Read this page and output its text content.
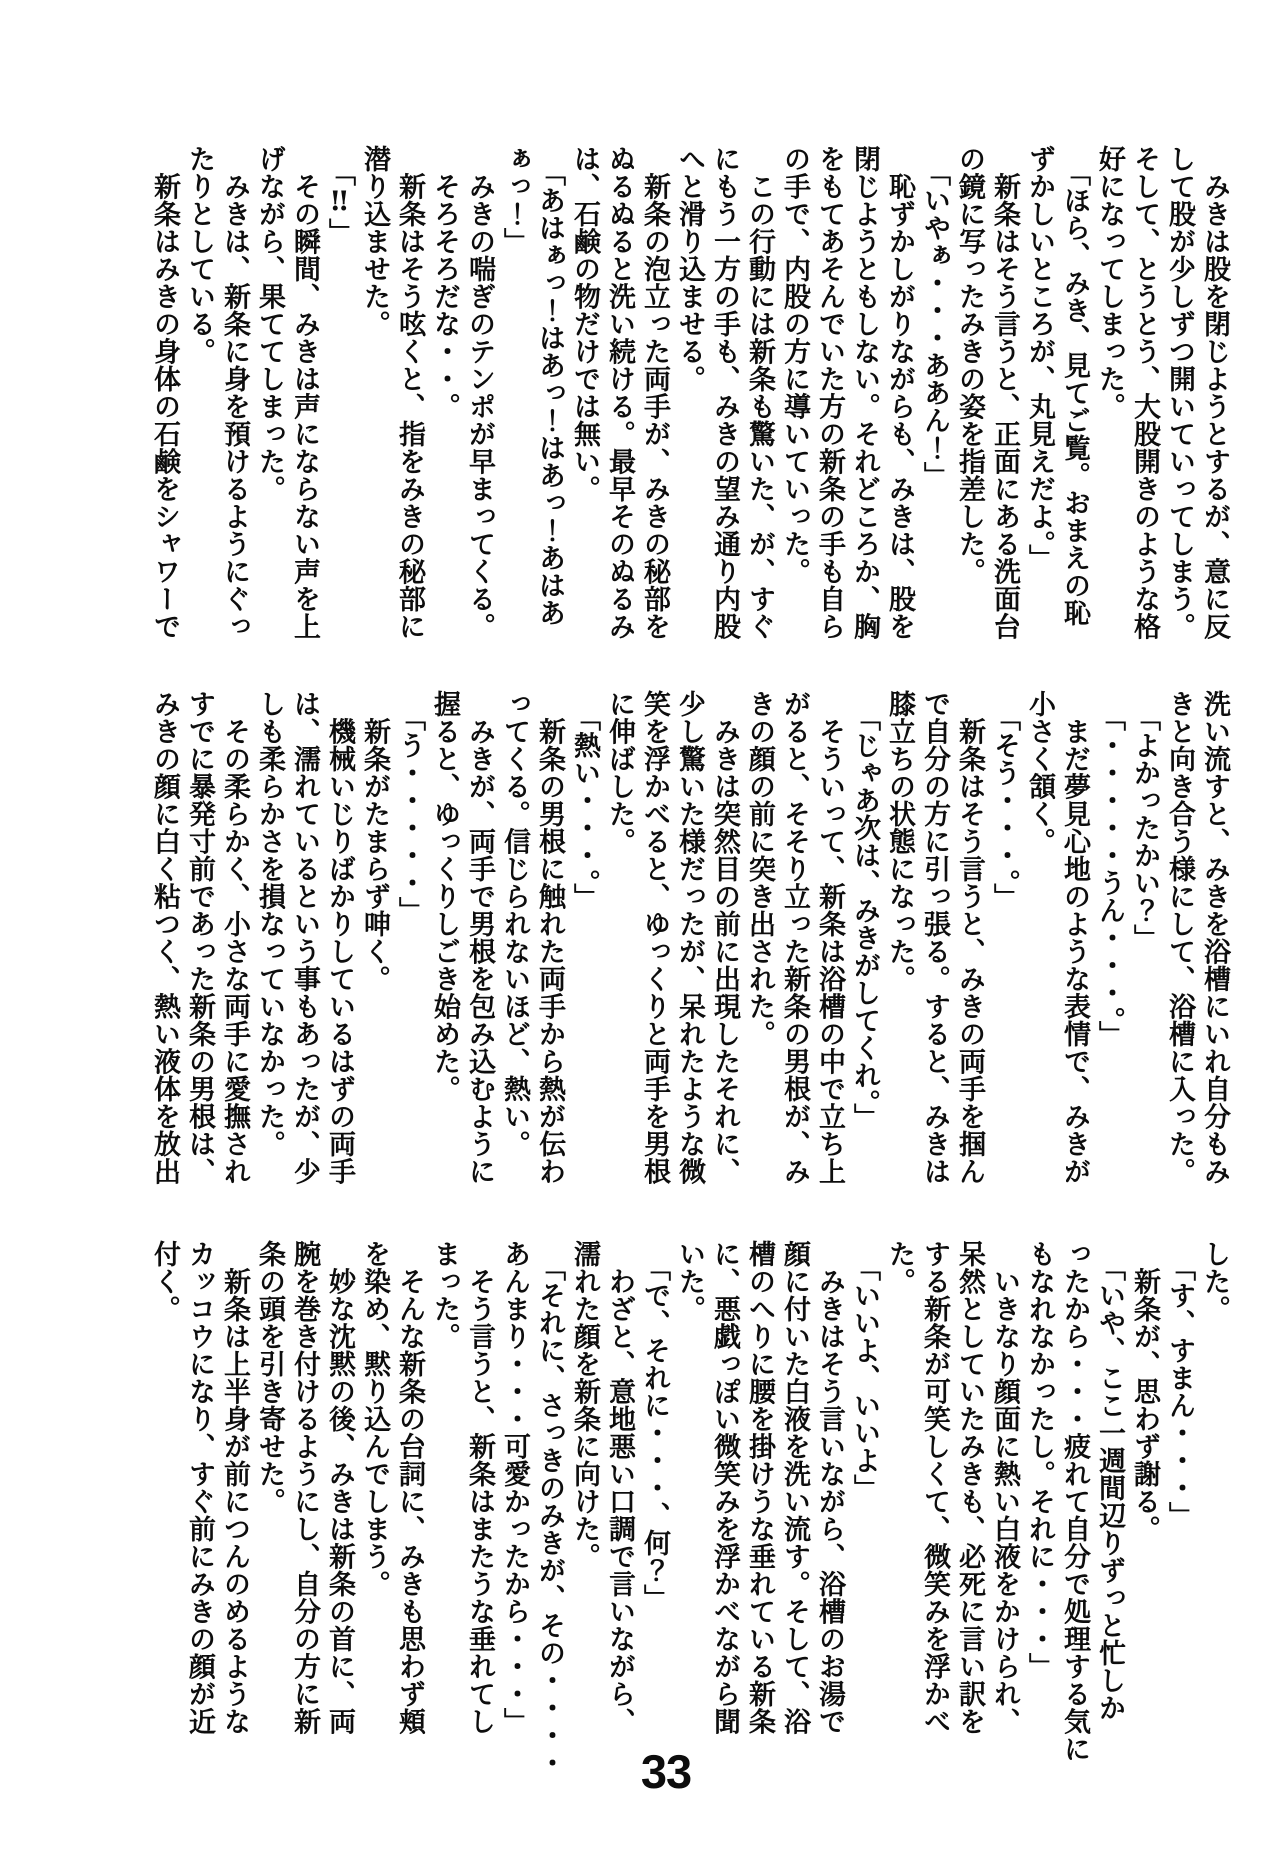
　みきは股を閉じようとするが、意に反
して股が少しずつ開いていってしまう。
そして、とうとう、大股開きのような格
好になってしまった。
　「ほら、みき、見てご覧。おまえの恥
ずかしいところが、丸見えだよ。」
　新条はそう言うと、正面にある洗面台
の鏡に写ったみきの姿を指差した。
　「いやぁ・・・ああん！」
　恥ずかしがりながらも、みきは、股を
閉じようともしない。それどころか、胸
をもてあそんでいた方の新条の手も自ら
の手で、内股の方に導いていった。
　この行動には新条も驚いた、が、すぐ
にもう一方の手も、みきの望み通り内股
へと滑り込ませる。
　新条の泡立った両手が、みきの秘部を
ぬるぬると洗い続ける。最早そのぬるみ
は、石鹸の物だけでは無い。
　「あはぁっ！はあっ！はあっ！あはあ
ぁっ！」
　みきの喘ぎのテンポが早まってくる。
　そろそろだな・・。
　新条はそう呟くと、指をみきの秘部に
潜り込ませた。
　「‼」
　その瞬間、みきは声にならない声を上
げながら、果ててしまった。
　みきは、新条に身を預けるようにぐっ
たりとしている。
　新条はみきの身体の石鹸をシャワーで
洗い流すと、みきを浴槽にいれ自分もみ
きと向き合う様にして、浴槽に入った。
　「よかったかい？」
　「・・・・・うん・・・。」
　まだ夢見心地のような表情で、みきが
小さく頷く。
　「そう・・・。」
　新条はそう言うと、みきの両手を掴ん
で自分の方に引っ張る。すると、みきは
膝立ちの状態になった。
　「じゃあ次は、みきがしてくれ。」
　そういって、新条は浴槽の中で立ち上
がると、そそり立った新条の男根が、み
きの顔の前に突き出された。
　みきは突然目の前に出現したそれに、
少し驚いた様だったが、呆れたような微
笑を浮かべると、ゆっくりと両手を男根
に伸ばした。
　「熱い・・・。」
　新条の男根に触れた両手から熱が伝わ
ってくる。信じられないほど、熱い。
　みきが、両手で男根を包み込むように
握ると、ゆっくりしごき始めた。
　「う・・・・・」
　新条がたまらず呻く。
　機械いじりばかりしているはずの両手
は、濡れているという事もあったが、少
しも柔らかさを損なっていなかった。
　その柔らかく、小さな両手に愛撫され
すでに暴発寸前であった新条の男根は、
みきの顔に白く粘つく、熱い液体を放出
した。
　「す、すまん・・・」
　新条が、思わず謝る。
　「いや、ここ一週間辺りずっと忙しか
ったから・・・疲れて自分で処理する気に
もなれなかったし。それに・・・」
　いきなり顔面に熱い白液をかけられ、
呆然としていたみきも、必死に言い訳を
する新条が可笑しくて、微笑みを浮かべ
た。
　「いいよ、いいよ」
　みきはそう言いながら、浴槽のお湯で
顔に付いた白液を洗い流す。そして、浴
槽のへりに腰を掛けうな垂れている新条
に、悪戯っぽい微笑みを浮かべながら聞
いた。
　「で、それに・・・、何？」
　わざと、意地悪い口調で言いながら、
濡れた顔を新条に向けた。
　「それに、さっきのみきが、その・・・・
あんまり・・・可愛かったから・・・」
　そう言うと、新条はまたうな垂れてし
まった。
　そんな新条の台詞に、みきも思わず頬
を染め、黙り込んでしまう。
　妙な沈黙の後、みきは新条の首に、両
腕を巻き付けるようにし、自分の方に新
条の頭を引き寄せた。
　新条は上半身が前につんのめるような
カッコウになり、すぐ前にみきの顔が近
付く。
33
